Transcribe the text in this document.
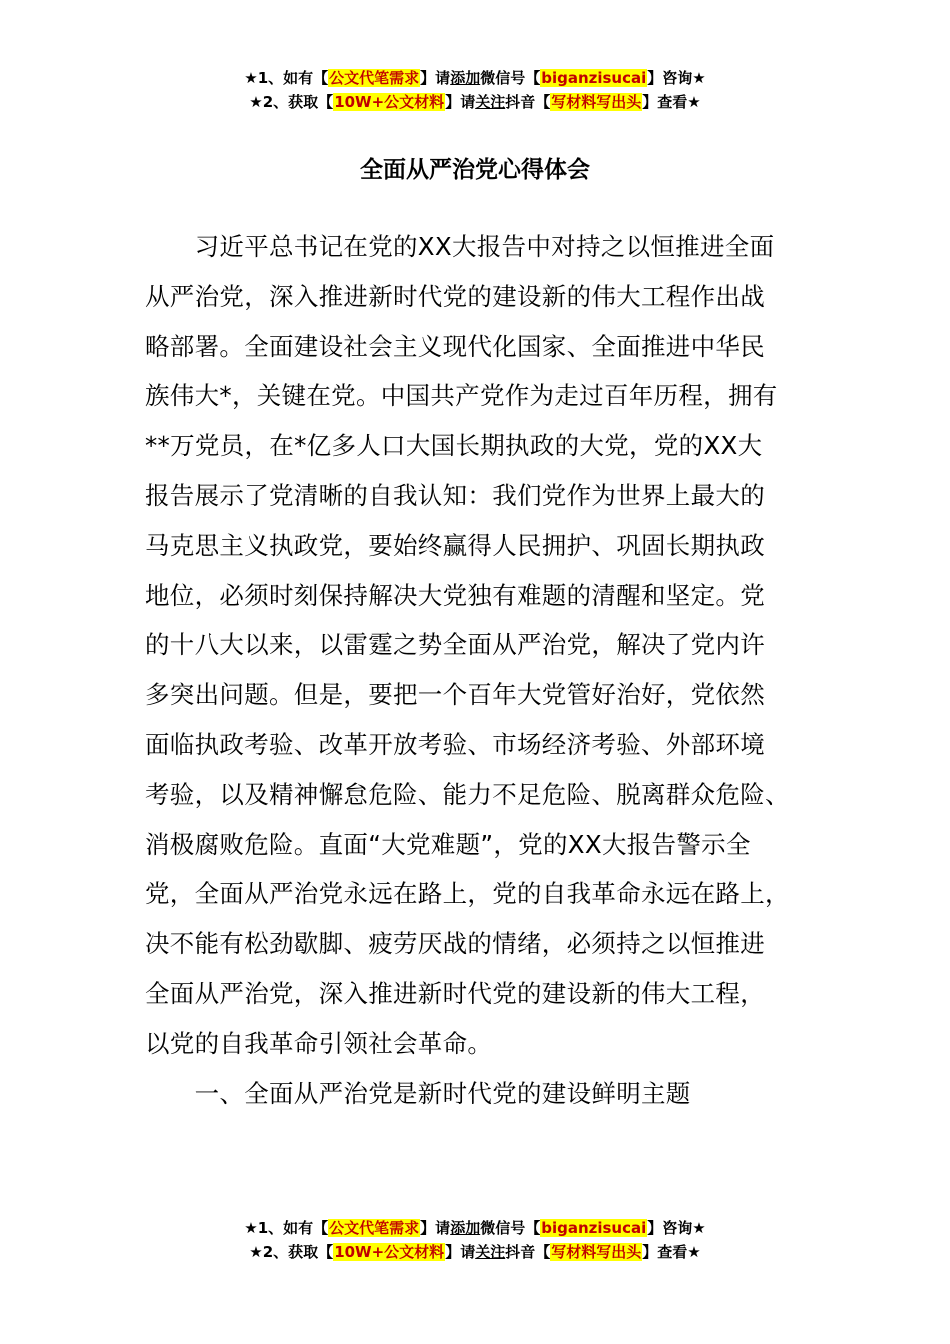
★1、如有【公文代笔需求】请添加微信号【biganzisucai】咨询★
★2、获取【10W+公文材料】请关注抖音【写材料写出头】查看★
全面从严治党心得体会
　　习近平总书记在党的XX大报告中对持之以恒推进全面
从严治党，深入推进新时代党的建设新的伟大工程作出战
略部署。全面建设社会主义现代化国家、全面推进中华民
族伟大*，关键在党。中国共产党作为走过百年历程，拥有
**万党员，在*亿多人口大国长期执政的大党，党的XX大
报告展示了党清晰的自我认知：我们党作为世界上最大的
马克思主义执政党，要始终赢得人民拥护、巩固长期执政
地位，必须时刻保持解决大党独有难题的清醒和坚定。党
的十八大以来，以雷霆之势全面从严治党，解决了党内许
多突出问题。但是，要把一个百年大党管好治好，党依然
面临执政考验、改革开放考验、市场经济考验、外部环境
考验，以及精神懈怠危险、能力不足危险、脱离群众危险、
消极腐败危险。直面“大党难题”，党的XX大报告警示全
党，全面从严治党永远在路上，党的自我革命永远在路上，
决不能有松劲歇脚、疲劳厌战的情绪，必须持之以恒推进
全面从严治党，深入推进新时代党的建设新的伟大工程，
以党的自我革命引领社会革命。
　　一、全面从严治党是新时代党的建设鲜明主题
★1、如有【公文代笔需求】请添加微信号【biganzisucai】咨询★
★2、获取【10W+公文材料】请关注抖音【写材料写出头】查看★
